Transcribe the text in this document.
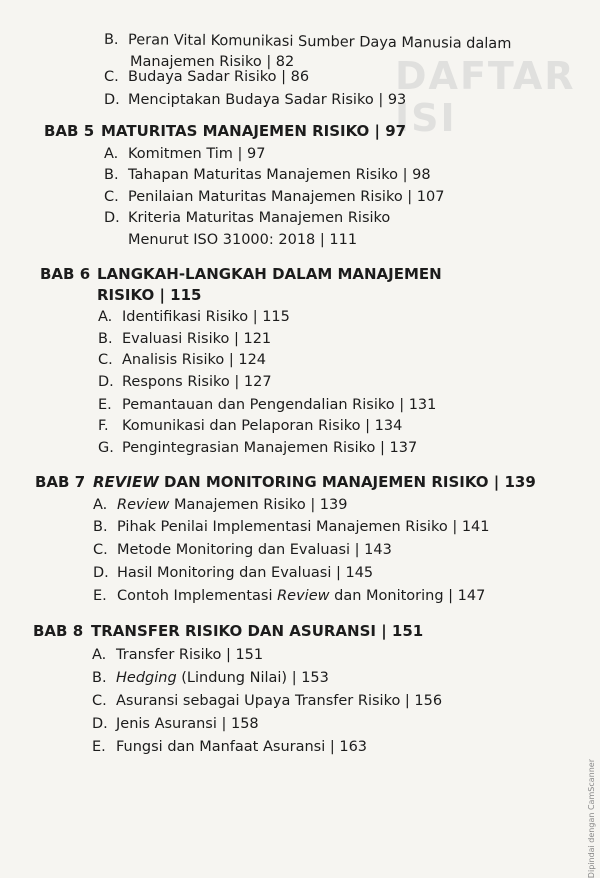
DAFTAR ISI
B. Peran Vital Komunikasi Sumber Daya Manusia dalam
Manajemen Risiko | 82
C. Budaya Sadar Risiko | 86
D. Menciptakan Budaya Sadar Risiko | 93
BAB 5 MATURITAS MANAJEMEN RISIKO | 97
A. Komitmen Tim | 97
B. Tahapan Maturitas Manajemen Risiko | 98
C. Penilaian Maturitas Manajemen Risiko | 107
D. Kriteria Maturitas Manajemen Risiko
Menurut ISO 31000: 2018 | 111
BAB 6 LANGKAH-LANGKAH DALAM MANAJEMEN
RISIKO | 115
A. Identifikasi Risiko | 115
B. Evaluasi Risiko | 121
C. Analisis Risiko | 124
D. Respons Risiko | 127
E. Pemantauan dan Pengendalian Risiko | 131
F. Komunikasi dan Pelaporan Risiko | 134
G. Pengintegrasian Manajemen Risiko | 137
BAB 7 REVIEW DAN MONITORING MANAJEMEN RISIKO | 139
A. Review Manajemen Risiko | 139
B. Pihak Penilai Implementasi Manajemen Risiko | 141
C. Metode Monitoring dan Evaluasi | 143
D. Hasil Monitoring dan Evaluasi | 145
E. Contoh Implementasi Review dan Monitoring | 147
BAB 8 TRANSFER RISIKO DAN ASURANSI | 151
A. Transfer Risiko | 151
B. Hedging (Lindung Nilai) | 153
C. Asuransi sebagai Upaya Transfer Risiko | 156
D. Jenis Asuransi | 158
E. Fungsi dan Manfaat Asuransi | 163
Dipindai dengan CamScanner
